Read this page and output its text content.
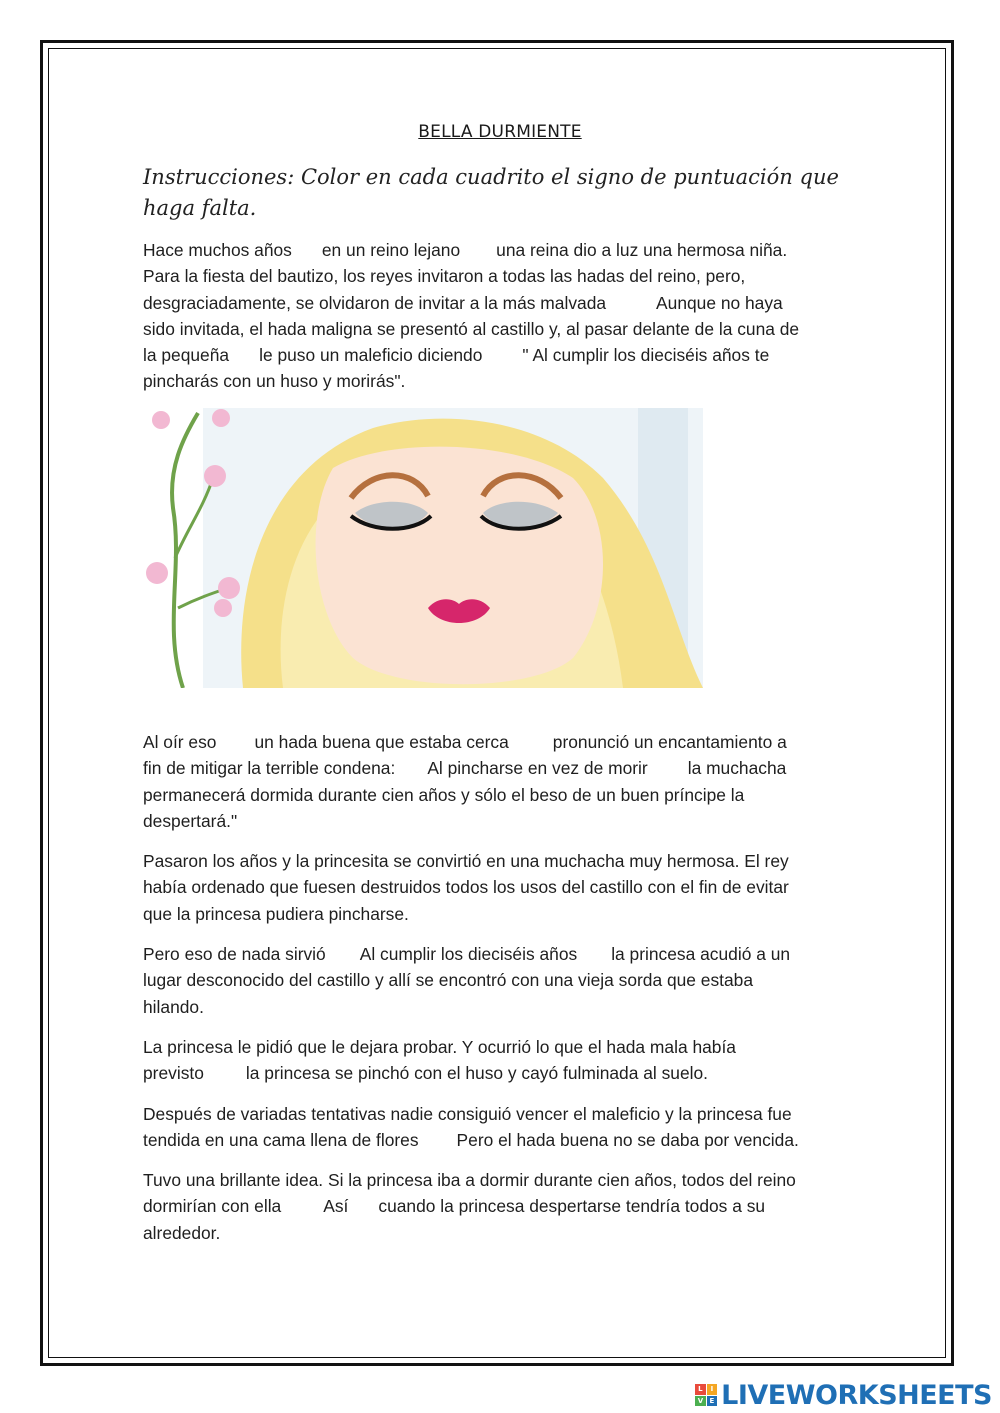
BELLA DURMIENTE
Instrucciones: Color en cada cuadrito el signo de puntuación que
haga falta.
Hace muchos años en un reino lejano una reina dio a luz una hermosa niña.
Para la fiesta del bautizo, los reyes invitaron a todas las hadas del reino, pero,
desgraciadamente, se olvidaron de invitar a la más malvada	Aunque no haya
sido invitada, el hada maligna se presentó al castillo y, al pasar delante de la cuna de
la pequeña le puso un maleficio diciendo " Al cumplir los dieciséis años te
pincharás con un huso y morirás".
Al oír eso un hada buena que estaba cerca	pronunció un encantamiento a
fin de mitigar la terrible condena: Al pincharse en vez de morir la muchacha
permanecerá dormida durante cien años y sólo el beso de un buen príncipe la
despertará."
Pasaron los años y la princesita se convirtió en una muchacha muy hermosa. El rey
había ordenado que fuesen destruidos todos los usos del castillo con el fin de evitar
que la princesa pudiera pincharse.
Pero eso de nada sirvió Al cumplir los dieciséis años la princesa acudió a un
lugar desconocido del castillo y allí se encontró con una vieja sorda que estaba
hilando.
La princesa le pidió que le dejara probar. Y ocurrió lo que el hada mala había
previsto la princesa se pinchó con el huso y cayó fulminada al suelo.
Después de variadas tentativas nadie consiguió vencer el maleficio y la princesa fue
tendida en una cama llena de flores Pero el hada buena no se daba por vencida.
Tuvo una brillante idea. Si la princesa iba a dormir durante cien años, todos del reino
dormirían con ella Así cuando la princesa despertarse tendría todos a su
alrededor.
L	I
V E LIVEWORKSHEETS
